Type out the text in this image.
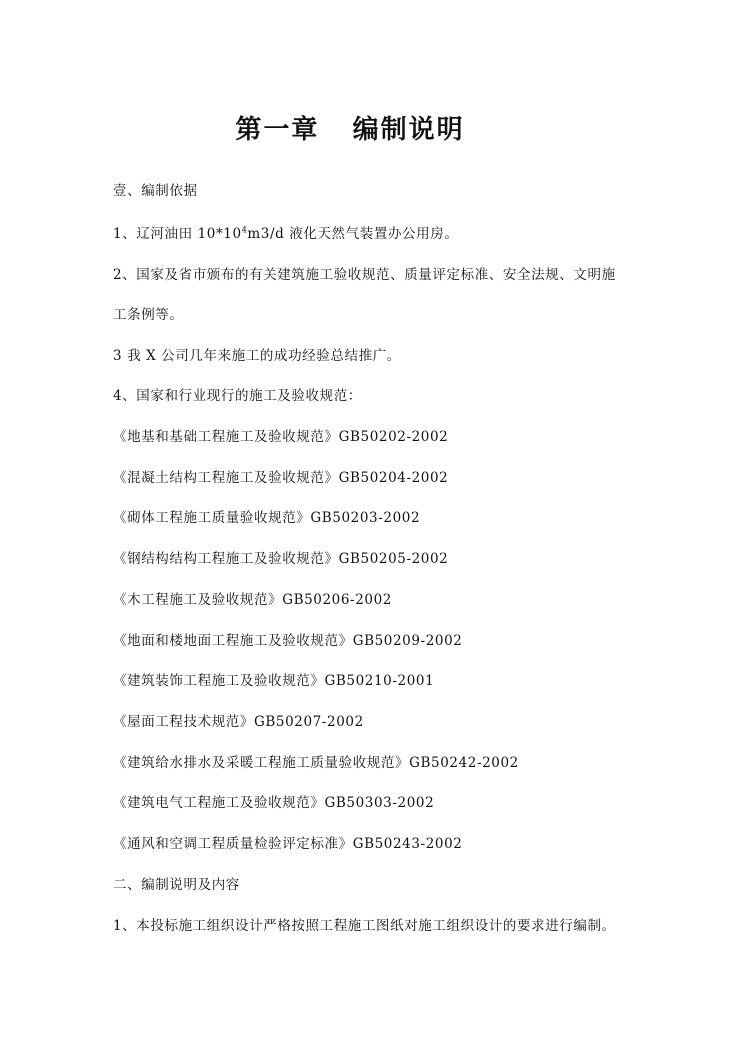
第一章   编制说明
壹、编制依据
1、辽河油田 $10*10^4m3/d$ 液化天然气装置办公用房。
2、国家及省市颁布的有关建筑施工验收规范、质量评定标准、安全法规、文明施
工条例等。
3 我 X 公司几年来施工的成功经验总结推广。
4、国家和行业现行的施工及验收规范：
《地基和基础工程施工及验收规范》GB50202-2002
《混凝土结构工程施工及验收规范》GB50204-2002
《砌体工程施工质量验收规范》GB50203-2002
《钢结构结构工程施工及验收规范》GB50205-2002
《木工程施工及验收规范》GB50206-2002
《地面和楼地面工程施工及验收规范》GB50209-2002
《建筑装饰工程施工及验收规范》GB50210-2001
《屋面工程技术规范》GB50207-2002
《建筑给水排水及采暖工程施工质量验收规范》GB50242-2002
《建筑电气工程施工及验收规范》GB50303-2002
《通风和空调工程质量检验评定标准》GB50243-2002
二、编制说明及内容
1、本投标施工组织设计严格按照工程施工图纸对施工组织设计的要求进行编制。
